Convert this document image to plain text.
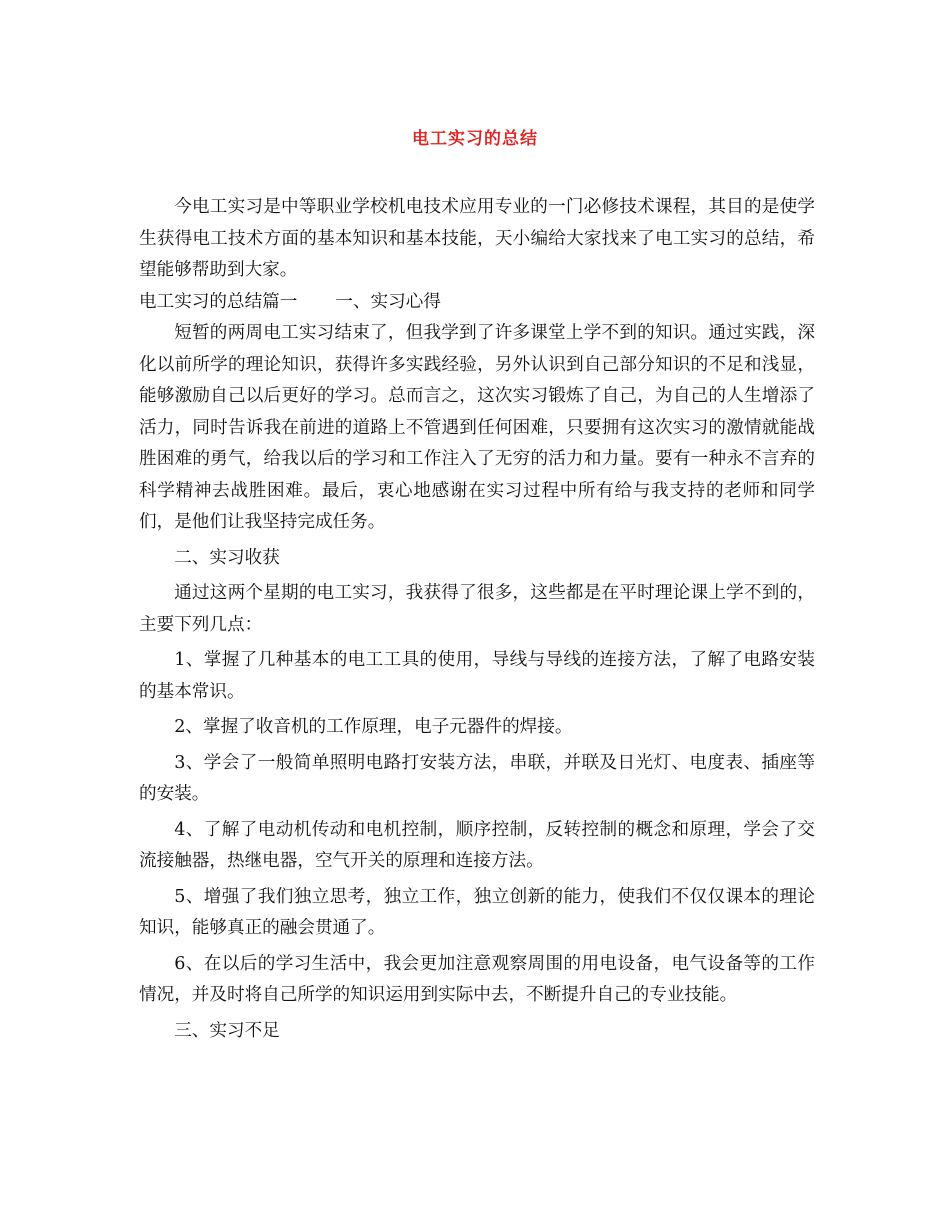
电工实习的总结

今电工实习是中等职业学校机电技术应用专业的一门必修技术课程，其目的是使学生获得电工技术方面的基本知识和基本技能，天小编给大家找来了电工实习的总结，希望能够帮助到大家。

电工实习的总结篇一 一、实习心得

短暂的两周电工实习结束了，但我学到了许多课堂上学不到的知识。通过实践，深化以前所学的理论知识，获得许多实践经验，另外认识到自己部分知识的不足和浅显，能够激励自己以后更好的学习。总而言之，这次实习锻炼了自己，为自己的人生增添了活力，同时告诉我在前进的道路上不管遇到任何困难，只要拥有这次实习的激情就能战胜困难的勇气，给我以后的学习和工作注入了无穷的活力和力量。要有一种永不言弃的科学精神去战胜困难。最后，衷心地感谢在实习过程中所有给与我支持的老师和同学们，是他们让我坚持完成任务。

二、实习收获

通过这两个星期的电工实习，我获得了很多，这些都是在平时理论课上学不到的，主要下列几点：

1、掌握了几种基本的电工工具的使用，导线与导线的连接方法，了解了电路安装的基本常识。

2、掌握了收音机的工作原理，电子元器件的焊接。

3、学会了一般简单照明电路打安装方法，串联，并联及日光灯、电度表、插座等的安装。

4、了解了电动机传动和电机控制，顺序控制，反转控制的概念和原理，学会了交流接触器，热继电器，空气开关的原理和连接方法。

5、增强了我们独立思考，独立工作，独立创新的能力，使我们不仅仅课本的理论知识，能够真正的融会贯通了。

6、在以后的学习生活中，我会更加注意观察周围的用电设备，电气设备等的工作情况，并及时将自己所学的知识运用到实际中去，不断提升自己的专业技能。

三、实习不足
